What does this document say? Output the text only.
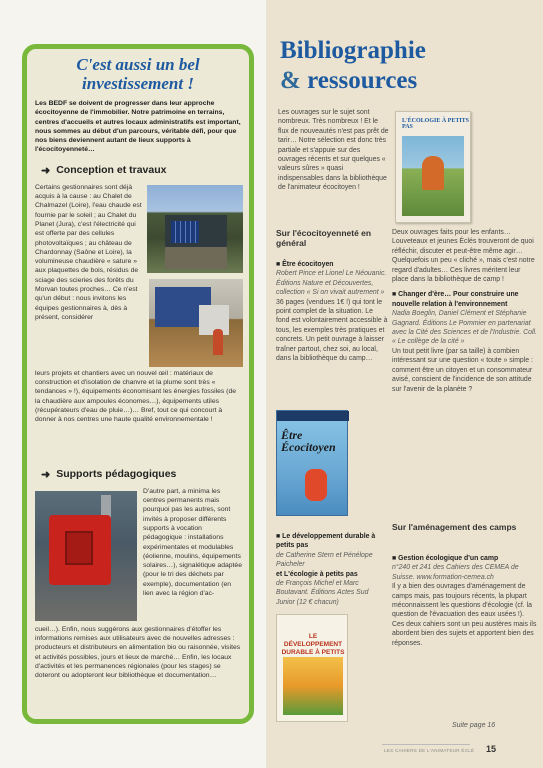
C'est aussi un bel investissement !
Les BEDF se doivent de progresser dans leur approche écocitoyenne de l'immobilier. Notre patrimoine en terrains, centres d'accueils et autres locaux administratifs est important, nous sommes au début d'un parcours, véritable défi, pour que nos biens deviennent autant de lieux supports à l'écocitoyenneté…
➜ Conception et travaux
Certains gestionnaires sont déjà acquis à la cause : au Chalet de Chalmazel (Loire), l'eau chaude est fournie par le soleil ; au Chalet du Planet (Jura), c'est l'électricité qui est offerte par des cellules photovoltaïques ; au château de Chardonnay (Saône et Loire), la volumineuse chaudière « sature » aux plaquettes de bois, résidus de sciage des scieries des forêts du Morvan toutes proches… Ce n'est qu'un début : nous invitons les équipes gestionnaires à, dès à présent, considérer
leurs projets et chantiers avec un nouvel œil : matériaux de construction et d'isolation de chanvre et la plume sont très « tendances » !), équipements économisant les énergies fossiles (de la chaudière aux ampoules économes…), équipements utiles (récupérateurs d'eau de pluie…)… Bref, tout ce qui concourt à donner à nos centres une haute qualité environnementale !
➜ Supports pédagogiques
D'autre part, a minima les centres permanents mais pourquoi pas les autres, sont invités à proposer différents supports à vocation pédagogique : installations expérimentales et modulables (éolienne, moulins, équipements solaires…), signalétique adaptée (pour le tri des déchets par exemple), documentation (en lien avec la région d'ac-
cueil…). Enfin, nous suggérons aux gestionnaires d'étoffer les informations remises aux utilisateurs avec de nouvelles adresses : producteurs et distributeurs en alimentation bio ou raisonnée, visites et activités possibles, jours et lieux de marché… Enfin, les locaux d'activités et les permanences régionales (pour les stages) se doteront ou adopteront leur bibliothèque et documentation…
Bibliographie
& ressources
Les ouvrages sur le sujet sont nombreux. Très nombreux ! Et le flux de nouveautés n'est pas prêt de tarir… Notre sélection est donc très partiale et s'appuie sur des ouvrages récents et sur quelques « valeurs sûres » quasi indispensables dans la bibliothèque de l'animateur écocitoyen !
L'ÉCOLOGIE À PETITS PAS
Sur l'écocitoyenneté en général
■ Être écocitoyen
Robert Pince et Lionel Le Néouanic. Éditions Nature et Découvertes, collection « Si on vivait autrement »
36 pages (vendues 1€ !) qui tont le point complet de la situation. Le fond est volontairement accessible à tous, les exemples très pratiques et concrets. Un petit ouvrage à laisser traîner partout, chez soi, au local, dans la bibliothèque du camp…
Être Écocitoyen
■ Le développement durable à petits pas
de Catherine Stern et Pénélope Paicheler
et L'écologie à petits pas
de François Michel et Marc Boutavant. Éditions Actes Sud Junior (12 € chacun)
LE DÉVELOPPEMENT DURABLE À PETITS
Deux ouvrages faits pour les enfants… Louveteaux et jeunes Éclés trouveront de quoi réfléchir, discuter et peut-être même agir… Quelquefois un peu « cliché », mais c'est notre regard d'adultes… Ces livres méritent leur place dans la bibliothèque de camp !
■ Changer d'ère… Pour construire une nouvelle relation à l'environnement
Nadia Boeglin, Daniel Clément et Stéphanie Gagnard. Éditions Le Pommier en partenariat avec la Cité des Sciences et de l'Industrie. Coll. « Le collège de la cité »
Un tout petit livre (par sa taille) à combien intéressant sur une question « toute » simple : comment être un citoyen et un consommateur avisé, conscient de l'incidence de son attitude sur l'avenir de la planète ?
Sur l'aménagement des camps
■ Gestion écologique d'un camp
n°240 et 241 des Cahiers des CEMEA de Suisse. www.formation-cemea.ch
Il y a bien des ouvrages d'aménagement de camps mais, pas toujours récents, la plupart méconnaissent les questions d'écologie (cf. la question de l'évacuation des eaux usées !). Ces deux cahiers sont un peu austères mais ils abordent bien des sujets et apportent bien des réponses.
Suite page 16
LES CAHIERS DE L'ANIMATEUR ÉCLÉ 15
